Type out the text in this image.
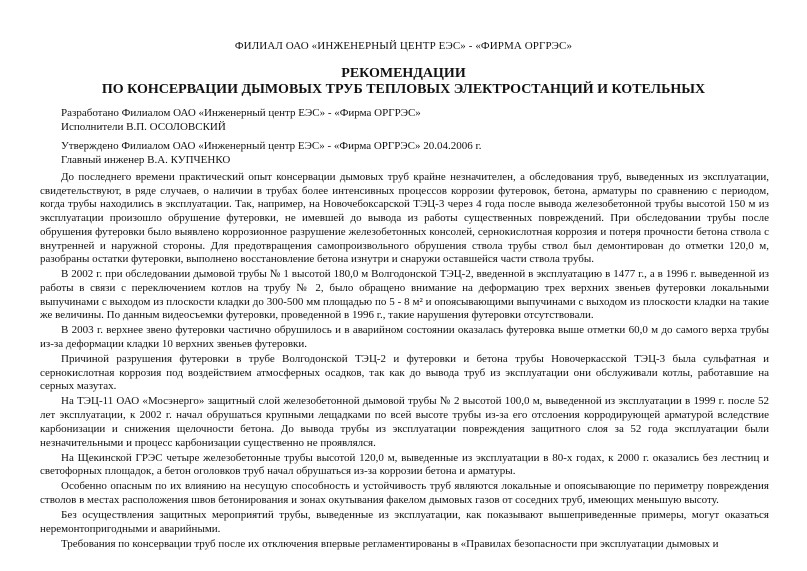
ФИЛИАЛ ОАО «ИНЖЕНЕРНЫЙ ЦЕНТР ЕЭС» - «ФИРМА ОРГРЭС»

РЕКОМЕНДАЦИИ

ПО КОНСЕРВАЦИИ ДЫМОВЫХ ТРУБ ТЕПЛОВЫХ ЭЛЕКТРОСТАНЦИЙ И КОТЕЛЬНЫХ

Разработано Филиалом ОАО «Инженерный центр ЕЭС» - «Фирма ОРГРЭС»

Исполнители В.П. ОСОЛОВСКИЙ

Утверждено Филиалом ОАО «Инженерный центр ЕЭС» - «Фирма ОРГРЭС» 20.04.2006 г.

Главный инженер В.А. КУПЧЕНКО

До последнего времени практический опыт консервации дымовых труб крайне незначителен, а обследования труб, выведенных из эксплуатации, свидетельствуют, в ряде случаев, о наличии в трубах более интенсивных процессов коррозии футеровок, бетона, арматуры по сравнению с периодом, когда трубы находились в эксплуатации. Так, например, на Новочебоксарской ТЭЦ-3 через 4 года после вывода железобетонной трубы высотой 150 м из эксплуатации произошло обрушение футеровки, не имевшей до вывода из работы существенных повреждений. При обследовании трубы после обрушения футеровки было выявлено коррозионное разрушение железобетонных консолей, сернокислотная коррозия и потеря прочности бетона ствола с внутренней и наружной стороны. Для предотвращения самопроизвольного обрушения ствола трубы ствол был демонтирован до отметки 120,0 м, разобраны остатки футеровки, выполнено восстановление бетона изнутри и снаружи оставшейся части ствола трубы.

В 2002 г. при обследовании дымовой трубы № 1 высотой 180,0 м Волгодонской ТЭЦ-2, введенной в эксплуатацию в 1477 г., а в 1996 г. выведенной из работы в связи с переключением котлов на трубу № 2, было обращено внимание на деформацию трех верхних звеньев футеровки локальными выпучинами с выходом из плоскости кладки до 300-500 мм площадью по 5 - 8 м² и опоясывающими выпучинами с выходом из плоскости кладки на такие же величины. По данным видеосъемки футеровки, проведенной в 1996 г., такие нарушения футеровки отсутствовали.

В 2003 г. верхнее звено футеровки частично обрушилось и в аварийном состоянии оказалась футеровка выше отметки 60,0 м до самого верха трубы из-за деформации кладки 10 верхних звеньев футеровки.

Причиной разрушения футеровки в трубе Волгодонской ТЭЦ-2 и футеровки и бетона трубы Новочеркасской ТЭЦ-3 была сульфатная и сернокислотная коррозия под воздействием атмосферных осадков, так как до вывода труб из эксплуатации они обслуживали котлы, работавшие на серных мазутах.

На ТЭЦ-11 ОАО «Мосэнерго» защитный слой железобетонной дымовой трубы № 2 высотой 100,0 м, выведенной из эксплуатации в 1999 г. после 52 лет эксплуатации, к 2002 г. начал обрушаться крупными лещадками по всей высоте трубы из-за его отслоения корродирующей арматурой вследствие карбонизации и снижения щелочности бетона. До вывода трубы из эксплуатации повреждения защитного слоя за 52 года эксплуатации были незначительными и процесс карбонизации существенно не проявлялся.

На Щекинской ГРЭС четыре железобетонные трубы высотой 120,0 м, выведенные из эксплуатации в 80-х годах, к 2000 г. оказались без лестниц и светофорных площадок, а бетон оголовков труб начал обрушаться из-за коррозии бетона и арматуры.

Особенно опасным по их влиянию на несущую способность и устойчивость труб являются локальные и опоясывающие по периметру повреждения стволов в местах расположения швов бетонирования и зонах окутывания факелом дымовых газов от соседних труб, имеющих меньшую высоту.

Без осуществления защитных мероприятий трубы, выведенные из эксплуатации, как показывают вышеприведенные примеры, могут оказаться неремонтопригодными и аварийными.

Требования по консервации труб после их отключения впервые регламентированы в «Правилах безопасности при эксплуатации дымовых и
